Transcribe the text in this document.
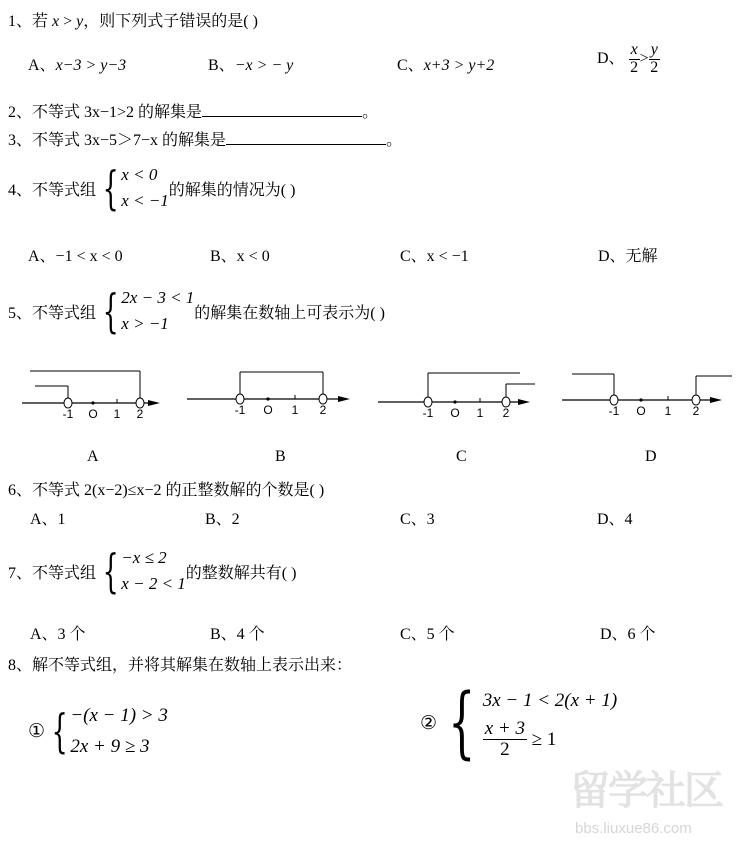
1、若 x > y，则下列式子错误的是( )
A、x−3 > y−3	B、−x > − y	C、x+3 > y+2	D、 $\frac{x}{2} > \frac{y}{2}$
2、不等式 3x−1>2 的解集是	。
3、不等式 3x−5＞7−x 的解集是	。
4、不等式组 { x < 0
x < −1
的解集的情况为( )
A、−1 < x < 0	B、x < 0	C、x < −1	D、无解
5、不等式组 { 2x − 3 < 1
x > −1
的解集在数轴上可表示为( )
-1 O 1 2	-1 O 1 2	-1 O 1 2	-1 O 1 2
A	B	C	D
6、不等式 2(x−2)≤x−2 的正整数解的个数是( )
A、1	B、2	C、3	D、4
7、不等式组 { −x ≤ 2
x − 2 < 1
的整数解共有( )
A、3 个	B、4 个	C、5 个	D、6 个
8、解不等式组，并将其解集在数轴上表示出来：
① { −(x − 1) > 3
2x + 9 ≥ 3
② { 3x − 1 < 2(x + 1)
$\frac{x + 3}{2}$
≥ 1
留学社区
bbs.liuxue86.com
